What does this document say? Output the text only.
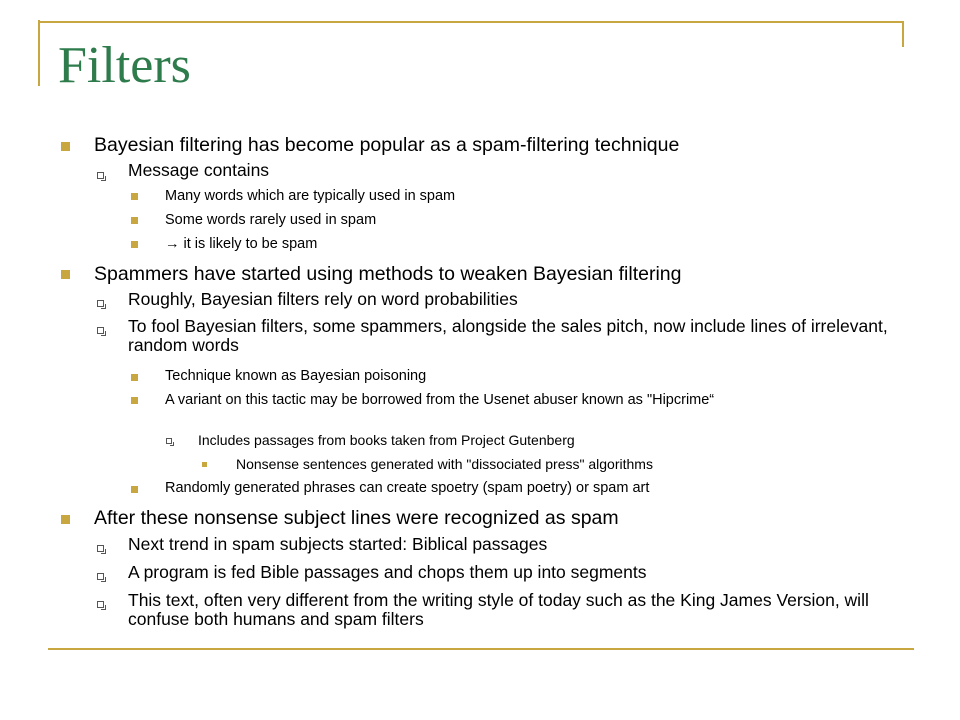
Filters

Bayesian filtering has become popular as a spam-filtering technique

Message contains

Many words which are typically used in spam

Some words rarely used in spam

→ it is likely to be spam

Spammers have started using methods to weaken Bayesian filtering

Roughly, Bayesian filters rely on word probabilities

To fool Bayesian filters, some spammers, alongside the sales pitch, now include lines of irrelevant, random words

Technique known as Bayesian poisoning

A variant on this tactic may be borrowed from the Usenet abuser known as "Hipcrime“

Includes passages from books taken from Project Gutenberg

Nonsense sentences generated with "dissociated press" algorithms

Randomly generated phrases can create spoetry (spam poetry) or spam art

After these nonsense subject lines were recognized as spam

Next trend in spam subjects started: Biblical passages

A program is fed Bible passages and chops them up into segments

This text, often very different from the writing style of today such as the King James Version, will confuse both humans and spam filters
